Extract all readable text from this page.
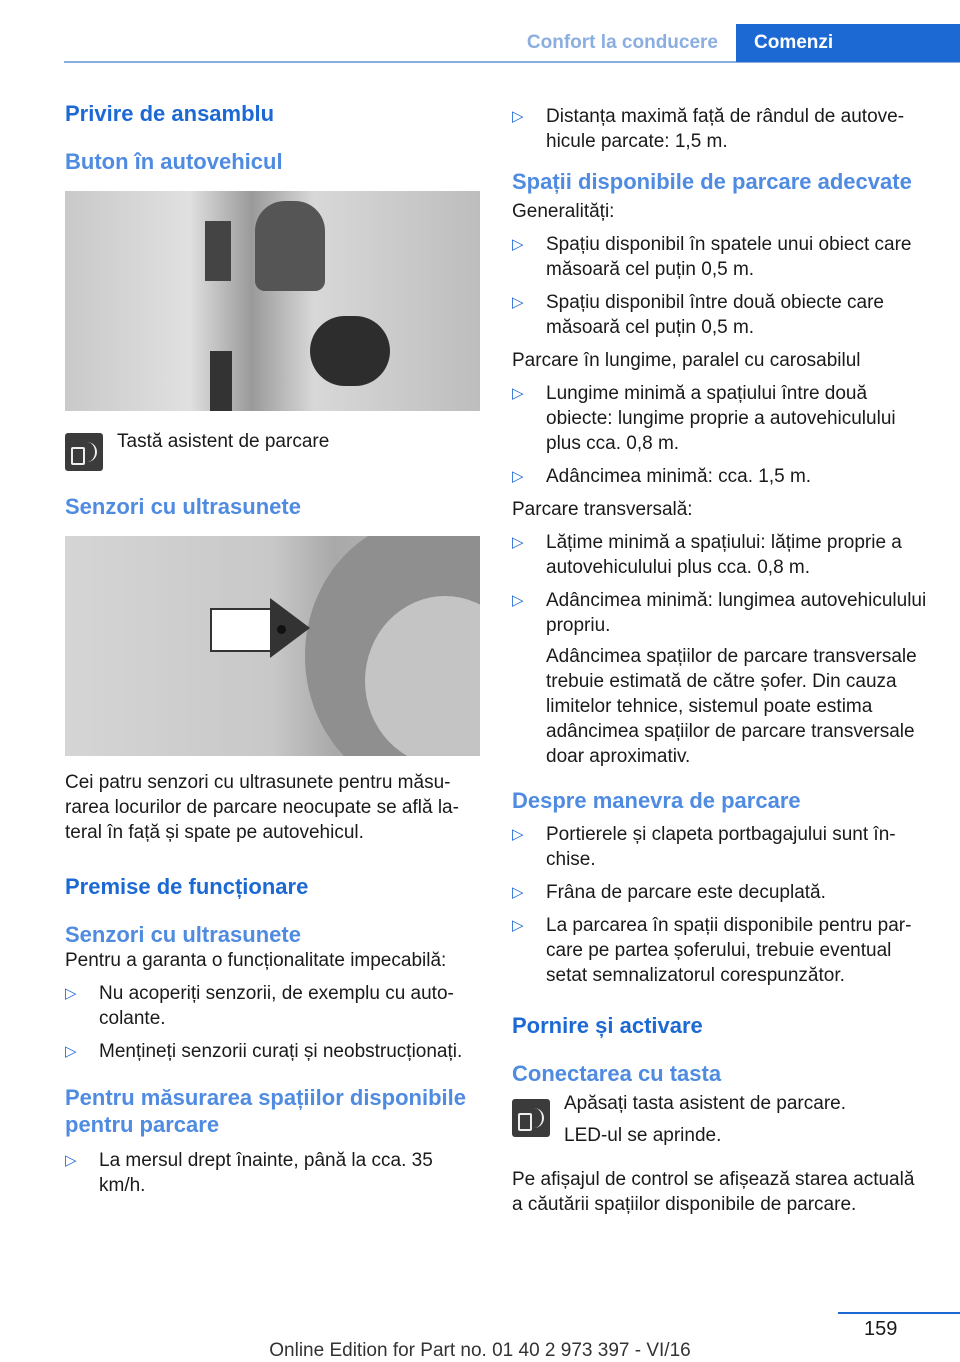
Confort la conducere	Comenzi
Privire de ansamblu
Buton în autovehicul

Tastă asistent de parcare

Senzori cu ultrasunete

Cei patru senzori cu ultrasunete pentru măsurarea locurilor de parcare neocupate se află lateral în față și spate pe autovehicul.

Premise de funcționare
Senzori cu ultrasunete

Pentru a garanta o funcționalitate impecabilă:

▷ Nu acoperiți senzorii, de exemplu cu autocolante.
▷ Mențineți senzorii curați și neobstrucționați.
Pentru măsurarea spațiilor disponibile pentru parcare
▷ La mersul drept înainte, până la cca. 35 km/h.
▷ Distanța maximă față de rândul de autovehicule parcate: 1,5 m.
Spații disponibile de parcare adecvate

Generalități:

▷ Spațiu disponibil în spatele unui obiect care măsoară cel puțin 0,5 m.
▷ Spațiu disponibil între două obiecte care măsoară cel puțin 0,5 m.

Parcare în lungime, paralel cu carosabilul

▷ Lungime minimă a spațiului între două obiecte: lungime proprie a autovehiculului plus cca. 0,8 m.
▷ Adâncimea minimă: cca. 1,5 m.

Parcare transversală:

▷ Lățime minimă a spațiului: lățime proprie a autovehiculului plus cca. 0,8 m.
▷ Adâncimea minimă: lungimea autovehiculului propriu.

Adâncimea spațiilor de parcare transversale trebuie estimată de către șofer. Din cauza limitelor tehnice, sistemul poate estima adâncimea spațiilor de parcare transversale doar aproximativ.

Despre manevra de parcare
▷ Portierele și clapeta portbagajului sunt închise.
▷ Frâna de parcare este decuplată.
▷ La parcarea în spații disponibile pentru parcare pe partea șoferului, trebuie eventual setat semnalizatorul corespunzător.
Pornire și activare
Conectarea cu tasta

Apăsați tasta asistent de parcare.

LED-ul se aprinde.

Pe afișajul de control se afișează starea actuală a căutării spațiilor disponibile de parcare.

159
Online Edition for Part no. 01 40 2 973 397 - VI/16
